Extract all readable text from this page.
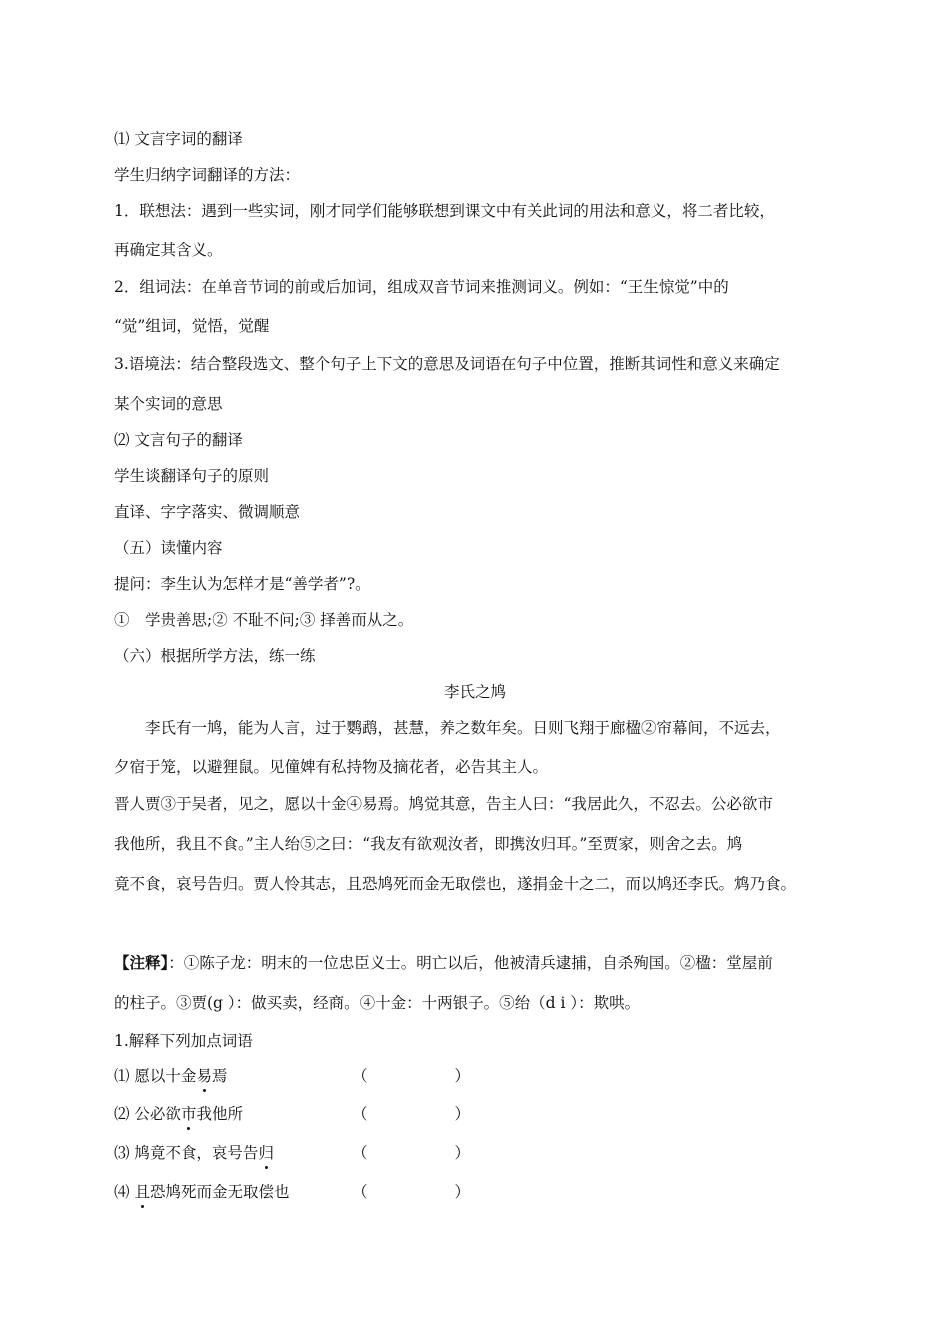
⑴ 文言字词的翻译
学生归纳字词翻译的方法：
1．联想法：遇到一些实词，刚才同学们能够联想到课文中有关此词的用法和意义，将二者比较，
再确定其含义。
2．组词法：在单音节词的前或后加词，组成双音节词来推测词义。例如：“王生惊觉”中的
“觉”组词，觉悟，觉醒
3.语境法：结合整段选文、整个句子上下文的意思及词语在句子中位置，推断其词性和意义来确定
某个实词的意思
⑵ 文言句子的翻译
学生谈翻译句子的原则
直译、字字落实、微调顺意
（五）读懂内容
提问：李生认为怎样才是“善学者”?。
①　学贵善思;② 不耻不问;③ 择善而从之。
（六）根据所学方法，练一练
李氏之鸠
　　李氏有一鸠，能为人言，过于鹦鹉，甚慧，养之数年矣。日则飞翔于廊楹②帘幕间，不远去，
夕宿于笼，以避狸鼠。见僮婢有私持物及摘花者，必告其主人。
晋人贾③于吴者，见之，愿以十金④易焉。鸠觉其意，告主人曰：“我居此久，不忍去。公必欲市
我他所，我且不食。”主人绐⑤之曰：“我友有欲观汝者，即携汝归耳。”至贾家，则舍之去。鸠
竟不食，哀号告归。贾人怜其志，且恐鸠死而金无取偿也，遂捐金十之二，而以鸠还李氏。鸩乃食。
【注释】：①陈子龙：明末的一位忠臣义士。明亡以后，他被清兵逮捕，自杀殉国。②楹：堂屋前
的柱子。③贾(g ）：做买卖，经商。④十金：十两银子。⑤绐（d i ）：欺哄。
1.解释下列加点词语
⑴ 愿以十金易焉	（	）
⑵ 公必欲市我他所	（	）
⑶ 鸠竟不食，哀号告归	（	）
⑷ 且恐鸠死而金无取偿也	（	）
